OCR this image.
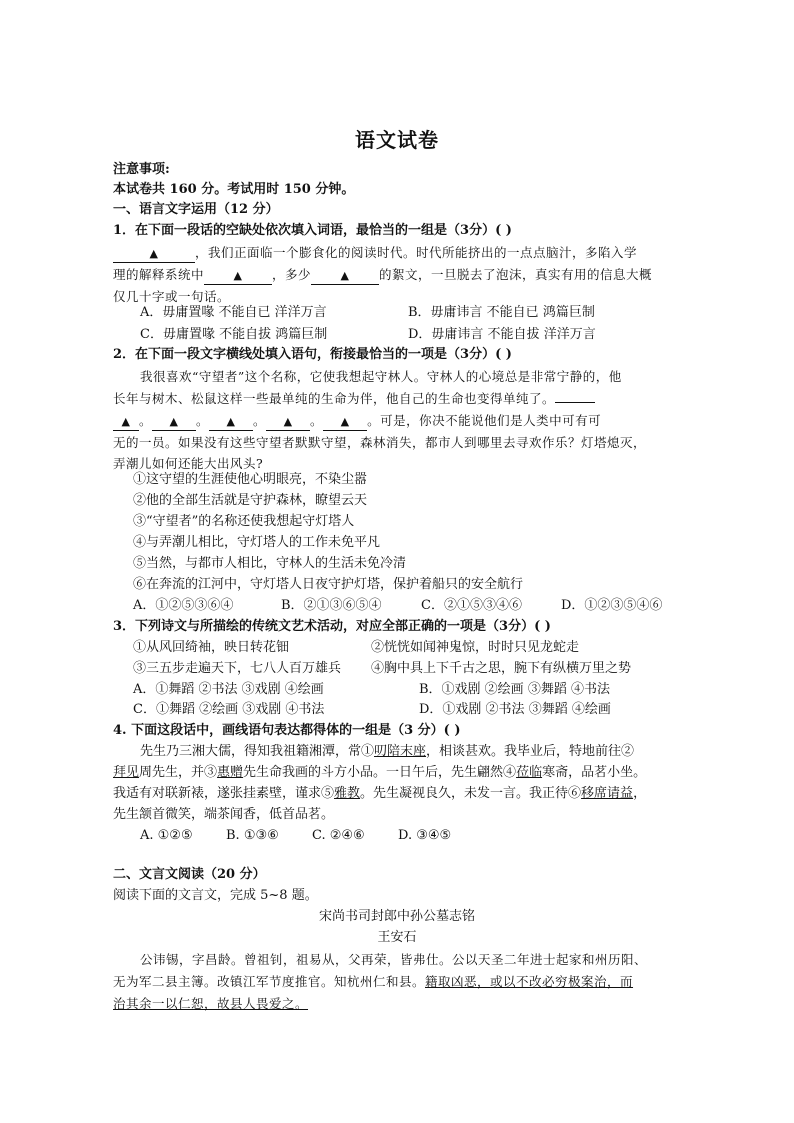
语文试卷
注意事项:
本试卷共 160 分。考试用时 150 分钟。
一、语言文字运用（12 分）
1．在下面一段话的空缺处依次填入词语，最恰当的一组是（3分）( )
▲	，我们正面临一个膨食化的阅读时代。时代所能挤出的一点点脑汁，多陷入学
理的解释系统中	▲ ，多少	▲ 的絮文，一旦脱去了泡沫，真实有用的信息大概
仅几十字或一句话。
A．毋庸置喙 不能自已 洋洋万言	B．毋庸讳言 不能自已 鸿篇巨制
C．毋庸置喙 不能自拔 鸿篇巨制	D．毋庸讳言 不能自拔 洋洋万言
2．在下面一段文字横线处填入语句，衔接最恰当的一项是（3分）( )
我很喜欢“守望者”这个名称，它使我想起守林人。守林人的心境总是非常宁静的，他
长年与树木、松鼠这样一些最单纯的生命为伴，他自己的生命也变得单纯了。
▲ 。 ▲ 。 ▲ 。 ▲ 。 ▲ 。可是，你决不能说他们是人类中可有可
无的一员。如果没有这些守望者默默守望，森林消失，都市人到哪里去寻欢作乐？灯塔熄灭，
弄潮儿如何还能大出风头?
①这守望的生涯使他心明眼亮，不染尘嚣
②他的全部生活就是守护森林，瞭望云天
③“守望者”的名称还使我想起守灯塔人
④与弄潮儿相比，守灯塔人的工作未免平凡
⑤当然，与都市人相比，守林人的生活未免冷清
⑥在奔流的江河中，守灯塔人日夜守护灯塔，保护着船只的安全航行
A．①②⑤③⑥④	B．②①③⑥⑤④	C．②①⑤③④⑥	D．①②③⑤④⑥
3．下列诗文与所描绘的传统文艺术活动，对应全部正确的一项是（3分）( )
①从风回绮袖，映日转花钿	②恍恍如闻神鬼惊，时时只见龙蛇走
③三五步走遍天下，七八人百万雄兵 ④胸中具上下千古之思，腕下有纵横万里之势
A．①舞蹈 ②书法 ③戏剧 ④绘画	B．①戏剧 ②绘画 ③舞蹈 ④书法
C．①舞蹈 ②绘画 ③戏剧 ④书法	D．①戏剧 ②书法 ③舞蹈 ④绘画
4. 下面这段话中，画线语句表达都得体的一组是（3 分）( )
先生乃三湘大儒，得知我祖籍湘潭，常①叨陪末座，相谈甚欢。我毕业后，特地前往②
拜见周先生，并③惠赠先生命我画的斗方小品。一日午后，先生翩然④莅临寒斋，品茗小坐。
我适有对联新裱，遂张挂素壁，谨求⑤雅教。先生凝视良久，未发一言。我正待⑥移席请益，
先生颔首微笑，端茶闻香，低首品茗。
A. ①②⑤	B. ①③⑥	C. ②④⑥	D. ③④⑤
二、文言文阅读（20 分）
阅读下面的文言文，完成 5~8 题。
宋尚书司封郎中孙公墓志铭
王安石
公讳锡，字昌龄。曾祖钊，祖易从，父再荣，皆弗仕。公以天圣二年进士起家和州历阳、
无为军二县主簿。改镇江军节度推官。知杭州仁和县。籍取凶恶，或以不改必穷极案治，而
治其余一以仁恕，故县人畏爱之。
